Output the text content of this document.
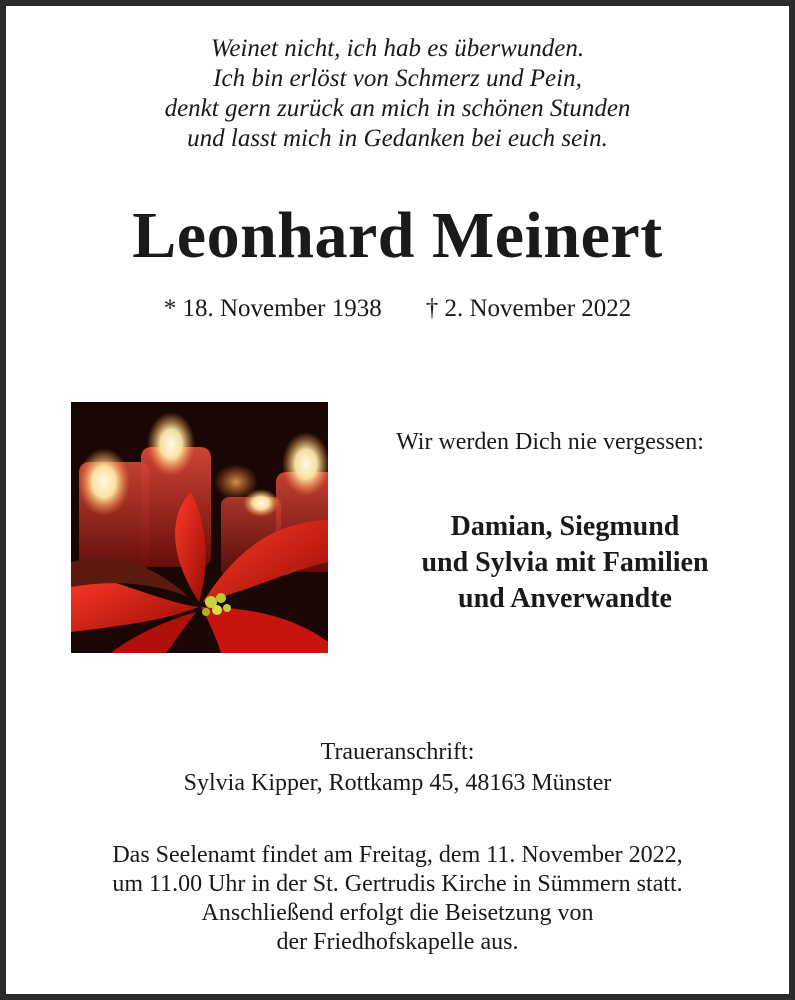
Weinet nicht, ich hab es überwunden.
Ich bin erlöst von Schmerz und Pein,
denkt gern zurück an mich in schönen Stunden
und lasst mich in Gedanken bei euch sein.
Leonhard Meinert
* 18. November 1938 † 2. November 2022
Wir werden Dich nie vergessen:
Damian, Siegmund
und Sylvia mit Familien
und Anverwandte
Traueranschrift:
Sylvia Kipper, Rottkamp 45, 48163 Münster
Das Seelenamt findet am Freitag, dem 11. November 2022,
um 11.00 Uhr in der St. Gertrudis Kirche in Sümmern statt.
Anschließend erfolgt die Beisetzung von
der Friedhofskapelle aus.
